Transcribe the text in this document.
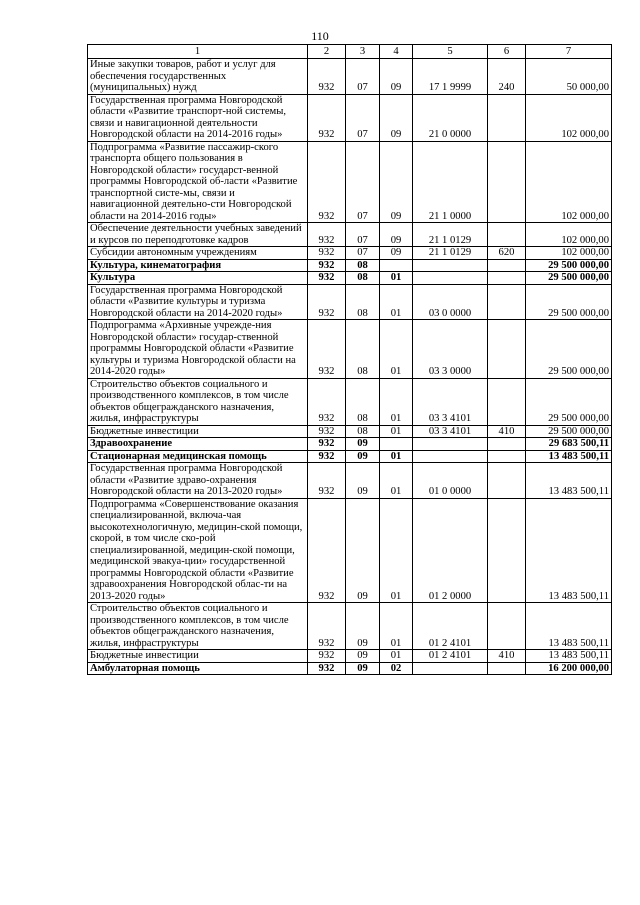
110
1	2	3	4	5	6	7
Иные закупки товаров, работ и услуг для обеспечения государственных (муниципальных) нужд	932	07	09	17 1 9999	240	50 000,00
Государственная программа Новгородской области «Развитие транспорт-ной системы, связи и навигационной деятельности Новгородской области на 2014-2016 годы»	932	07	09	21 0 0000		102 000,00
Подпрограмма «Развитие пассажир-ского транспорта общего пользования в Новгородской области» государст-венной программы Новгородской об-ласти «Развитие транспортной систе-мы, связи и навигационной деятельно-сти Новгородской области на 2014-2016 годы»	932	07	09	21 1 0000		102 000,00
Обеспечение деятельности учебных заведений и курсов по переподготовке кадров	932	07	09	21 1 0129		102 000,00
Субсидии автономным учреждениям	932	07	09	21 1 0129	620	102 000,00
Культура, кинематография	932	08				29 500 000,00
Культура	932	08	01			29 500 000,00
Государственная программа Новгородской области «Развитие культуры и туризма Новгородской области на 2014-2020 годы»	932	08	01	03 0 0000		29 500 000,00
Подпрограмма «Архивные учрежде-ния Новгородской области» государ-ственной программы Новгородской области «Развитие культуры и туризма Новгородской области на 2014-2020 годы»	932	08	01	03 3 0000		29 500 000,00
Строительство объектов социального и производственного комплексов, в том числе объектов общегражданского назначения, жилья, инфраструктуры	932	08	01	03 3 4101		29 500 000,00
Бюджетные инвестиции	932	08	01	03 3 4101	410	29 500 000,00
Здравоохранение	932	09				29 683 500,11
Стационарная медицинская помощь	932	09	01			13 483 500,11
Государственная программа Новгородской области «Развитие здраво-охранения Новгородской области на 2013-2020 годы»	932	09	01	01 0 0000		13 483 500,11
Подпрограмма «Совершенствование оказания специализированной, включа-чая высокотехнологичную, медицин-ской помощи, скорой, в том числе ско-рой специализированной, медицин-ской помощи, медицинской эвакуа-ции» государственной программы Новгородской области «Развитие здравоохранения Новгородской облас-ти на 2013-2020 годы»	932	09	01	01 2 0000		13 483 500,11
Строительство объектов социального и производственного комплексов, в том числе объектов общегражданского назначения, жилья, инфраструктуры	932	09	01	01 2 4101		13 483 500,11
Бюджетные инвестиции	932	09	01	01 2 4101	410	13 483 500,11
Амбулаторная помощь	932	09	02			16 200 000,00
